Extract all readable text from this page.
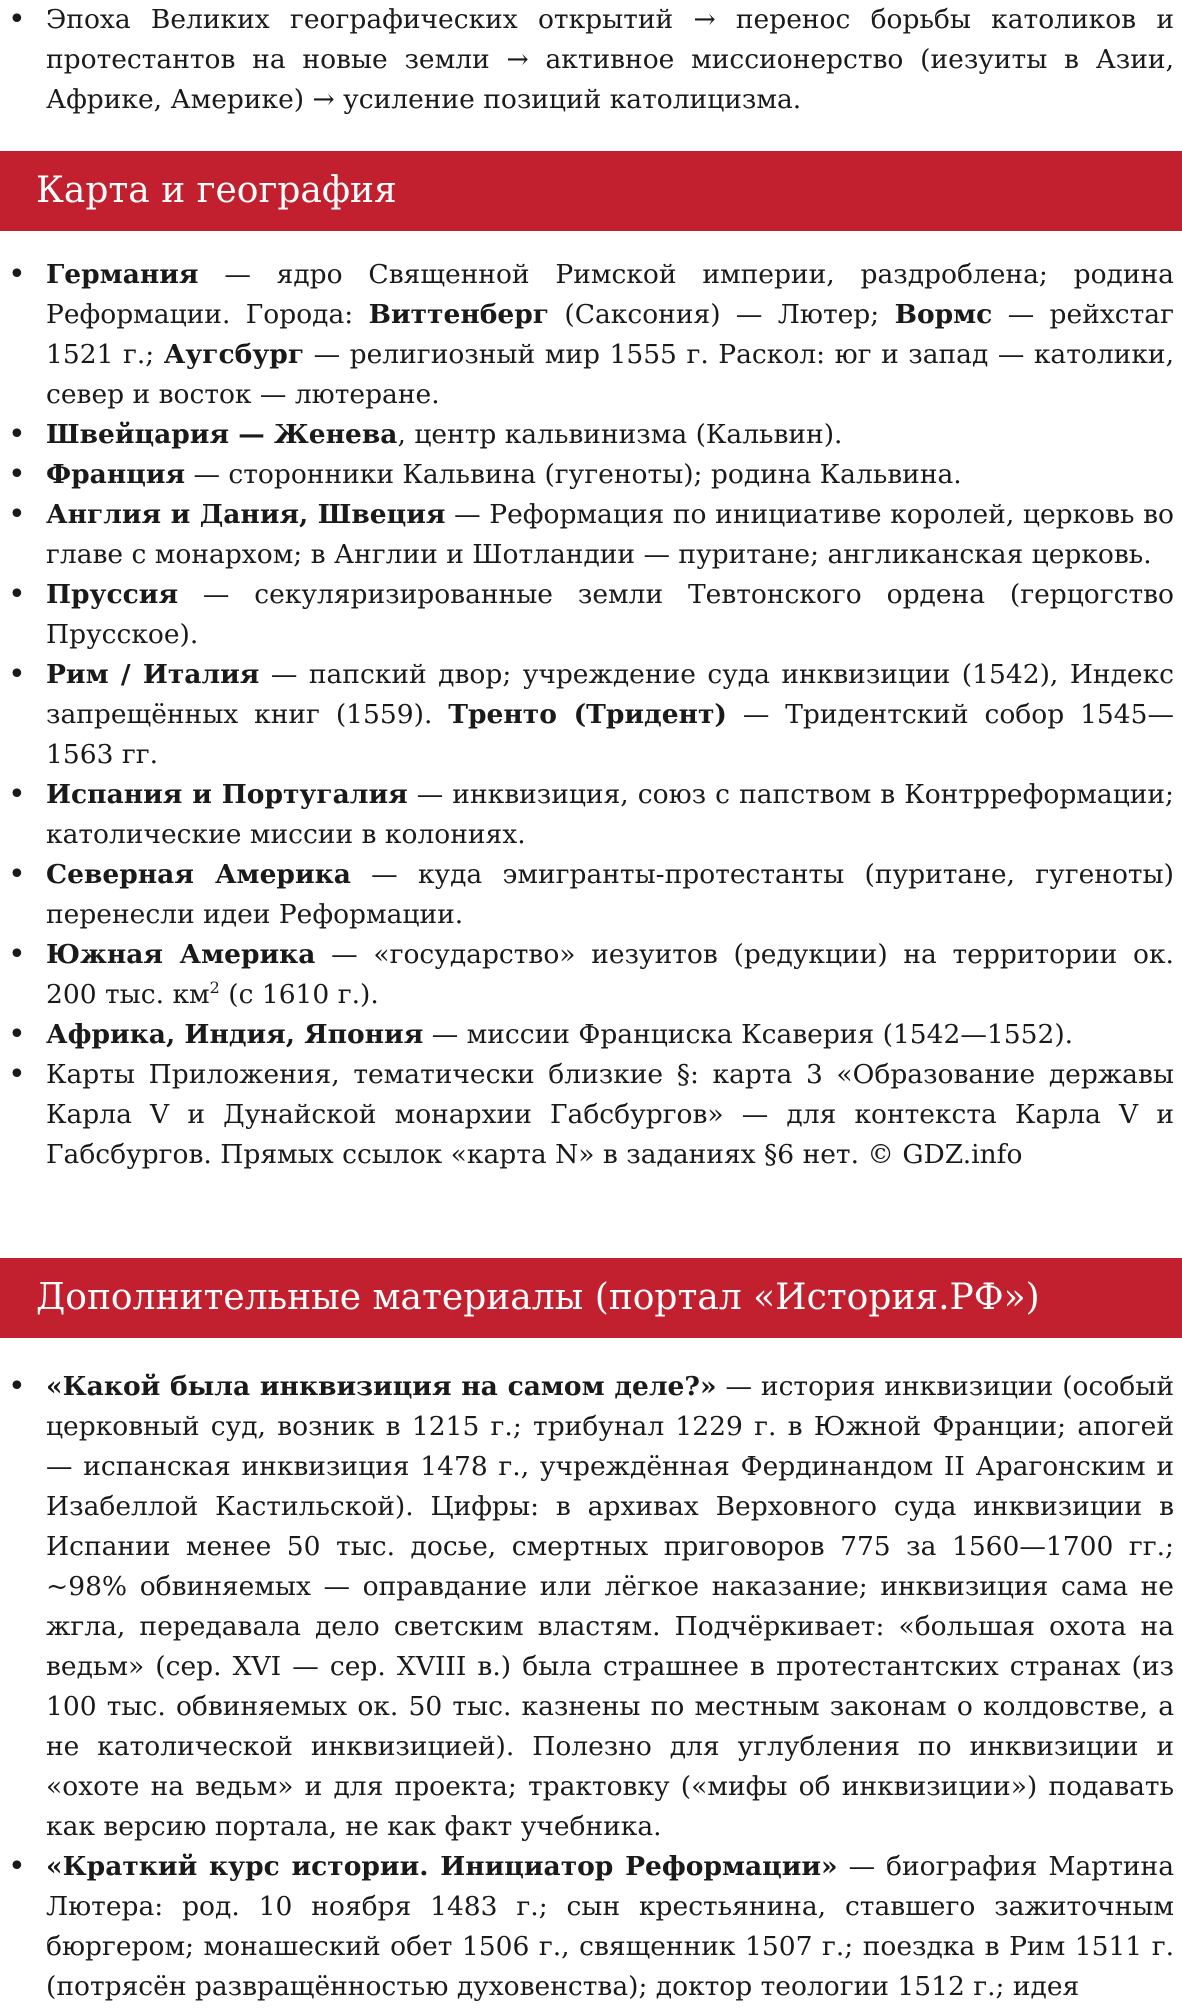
• Эпоха Великих географических открытий → перенос борьбы католиков и протестантов на новые земли → активное миссионерство (иезуиты в Азии, Африке, Америке) → усиление позиций католицизма.
Карта и география
• Германия — ядро Священной Римской империи, раздроблена; родина Реформации. Города: Виттенберг (Саксония) — Лютер; Вормс — рейхстаг 1521 г.; Аугсбург — религиозный мир 1555 г. Раскол: юг и запад — католики, север и восток — лютеране.
• Швейцария — Женева, центр кальвинизма (Кальвин).
• Франция — сторонники Кальвина (гугеноты); родина Кальвина.
• Англия и Дания, Швеция — Реформация по инициативе королей, церковь во главе с монархом; в Англии и Шотландии — пуритане; англиканская церковь.
• Пруссия — секуляризированные земли Тевтонского ордена (герцогство Прусское).
• Рим / Италия — папский двор; учреждение суда инквизиции (1542), Индекс запрещённых книг (1559). Тренто (Тридент) — Тридентский собор 1545—1563 гг.
• Испания и Португалия — инквизиция, союз с папством в Контрреформации; католические миссии в колониях.
• Северная Америка — куда эмигранты-протестанты (пуритане, гугеноты) перенесли идеи Реформации.
• Южная Америка — «государство» иезуитов (редукции) на территории ок. 200 тыс. $км^2$ (с 1610 г.).
• Африка, Индия, Япония — миссии Франциска Ксаверия (1542—1552).
• Карты Приложения, тематически близкие §: карта 3 «Образование державы Карла V и Дунайской монархии Габсбургов» — для контекста Карла V и Габсбургов. Прямых ссылок «карта N» в заданиях §6 нет. © GDZ.info
Дополнительные материалы (портал «История.РФ»)
• «Какой была инквизиция на самом деле?» — история инквизиции (особый церковный суд, возник в 1215 г.; трибунал 1229 г. в Южной Франции; апогей — испанская инквизиция 1478 г., учреждённая Фердинандом II Арагонским и Изабеллой Кастильской). Цифры: в архивах Верховного суда инквизиции в Испании менее 50 тыс. досье, смертных приговоров 775 за 1560—1700 гг.; ~98% обвиняемых — оправдание или лёгкое наказание; инквизиция сама не жгла, передавала дело светским властям. Подчёркивает: «большая охота на ведьм» (сер. XVI — сер. XVIII в.) была страшнее в протестантских странах (из 100 тыс. обвиняемых ок. 50 тыс. казнены по местным законам о колдовстве, а не католической инквизицией). Полезно для углубления по инквизиции и «охоте на ведьм» и для проекта; трактовку («мифы об инквизиции») подавать как версию портала, не как факт учебника.
• «Краткий курс истории. Инициатор Реформации» — биография Мартина Лютера: род. 10 ноября 1483 г.; сын крестьянина, ставшего зажиточным бюргером; монашеский обет 1506 г., священник 1507 г.; поездка в Рим 1511 г. (потрясён развращённостью духовенства); доктор теологии 1512 г.; идея
